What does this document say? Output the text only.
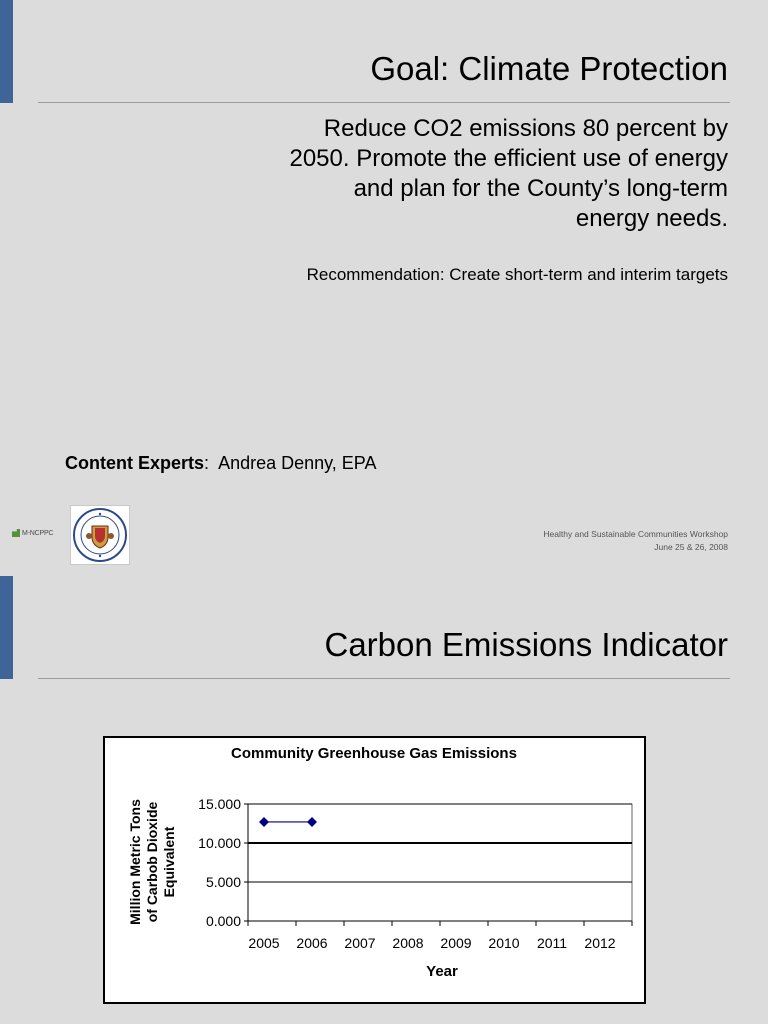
Goal: Climate Protection
Reduce CO2 emissions 80 percent by
2050. Promote the efficient use of energy
and plan for the County’s long-term
energy needs.
Recommendation: Create short-term and interim targets
Content Experts: Andrea Denny, EPA
M-NCPPC	Healthy and Sustainable Communities Workshop
June 25 & 26, 2008
Carbon Emissions Indicator
Community Greenhouse Gas Emissions
0.000
5.000
10.000
15.000
2005 2006 2007 2008 2009 2010 2011 2012
Year
Million Metric Tons of Carbob Dioxide Equivalent
